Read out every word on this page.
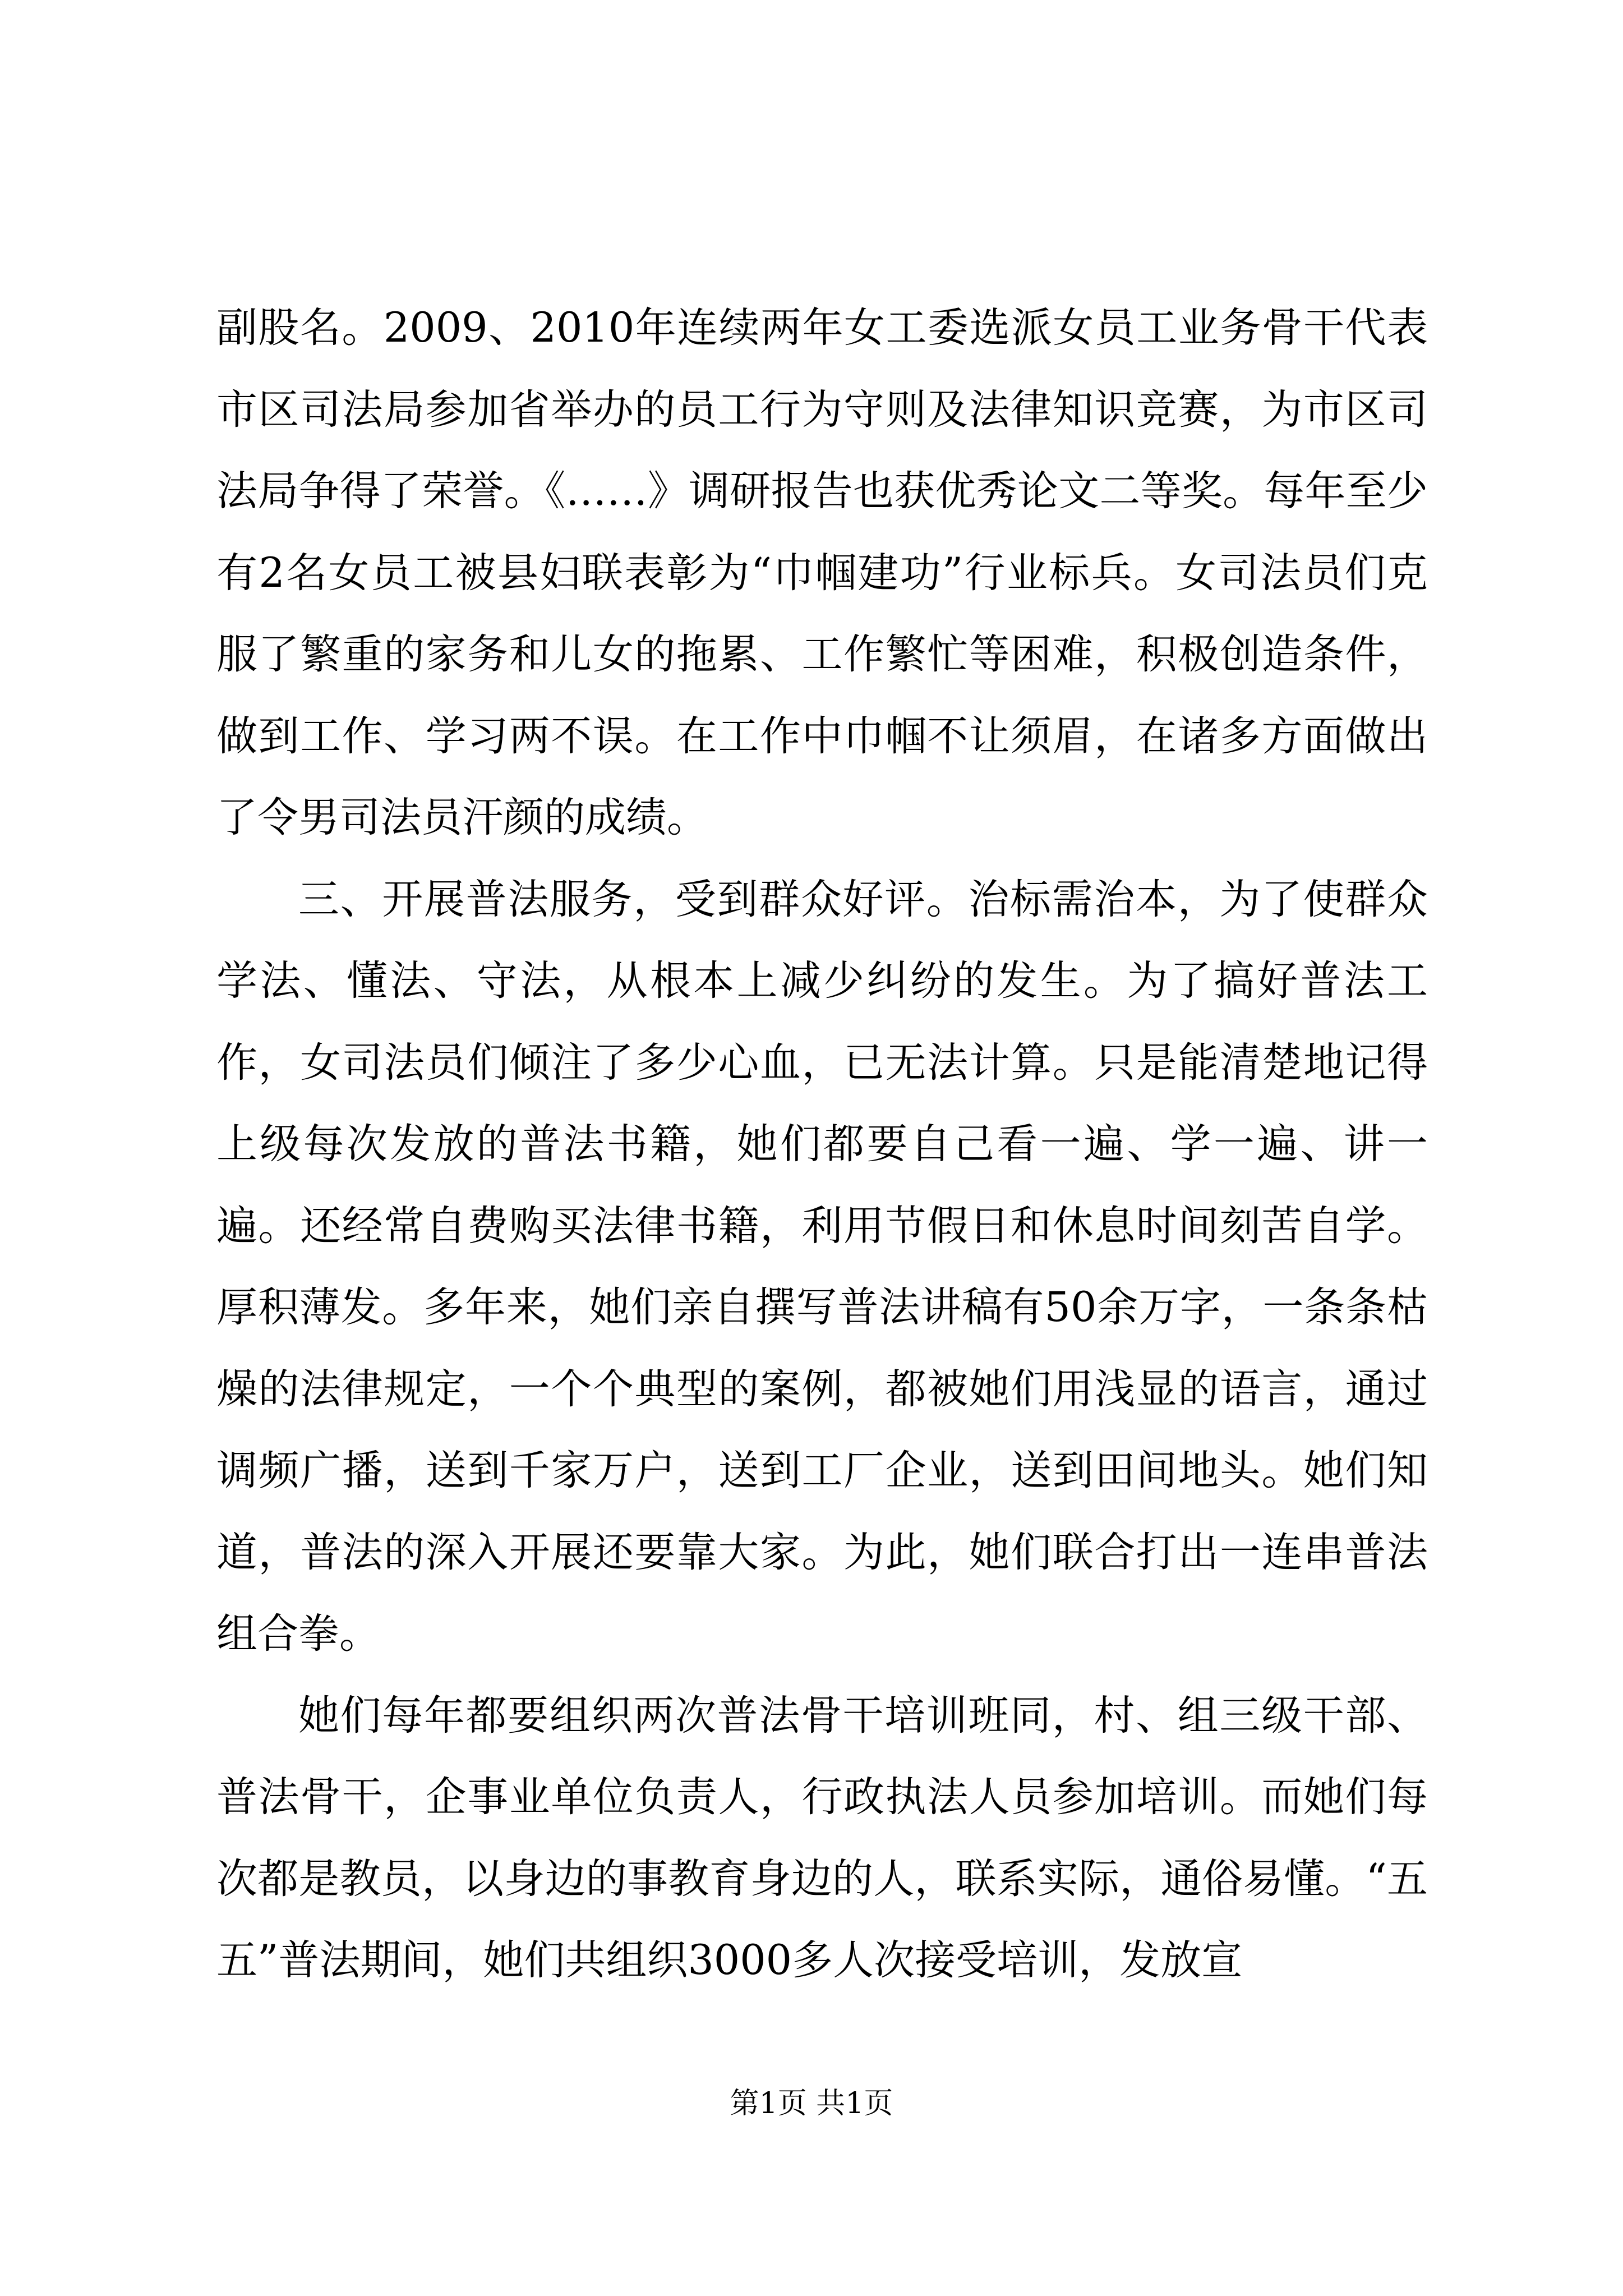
副股名。2009、2010年连续两年女工委选派女员工业务骨干代表市区司法局参加省举办的员工行为守则及法律知识竞赛，为市区司法局争得了荣誉。《……》调研报告也获优秀论文二等奖。每年至少有2名女员工被县妇联表彰为“巾帼建功”行业标兵。女司法员们克服了繁重的家务和儿女的拖累、工作繁忙等困难，积极创造条件，做到工作、学习两不误。在工作中巾帼不让须眉，在诸多方面做出了令男司法员汗颜的成绩。

三、开展普法服务，受到群众好评。治标需治本，为了使群众学法、懂法、守法，从根本上减少纠纷的发生。为了搞好普法工作，女司法员们倾注了多少心血，已无法计算。只是能清楚地记得上级每次发放的普法书籍，她们都要自己看一遍、学一遍、讲一遍。还经常自费购买法律书籍，利用节假日和休息时间刻苦自学。厚积薄发。多年来，她们亲自撰写普法讲稿有50余万字，一条条枯燥的法律规定，一个个典型的案例，都被她们用浅显的语言，通过调频广播，送到千家万户，送到工厂企业，送到田间地头。她们知道，普法的深入开展还要靠大家。为此，她们联合打出一连串普法组合拳。

她们每年都要组织两次普法骨干培训班同，村、组三级干部、普法骨干，企事业单位负责人，行政执法人员参加培训。而她们每次都是教员，以身边的事教育身边的人，联系实际，通俗易懂。“五五”普法期间，她们共组织3000多人次接受培训，发放宣

第1页 共1页
